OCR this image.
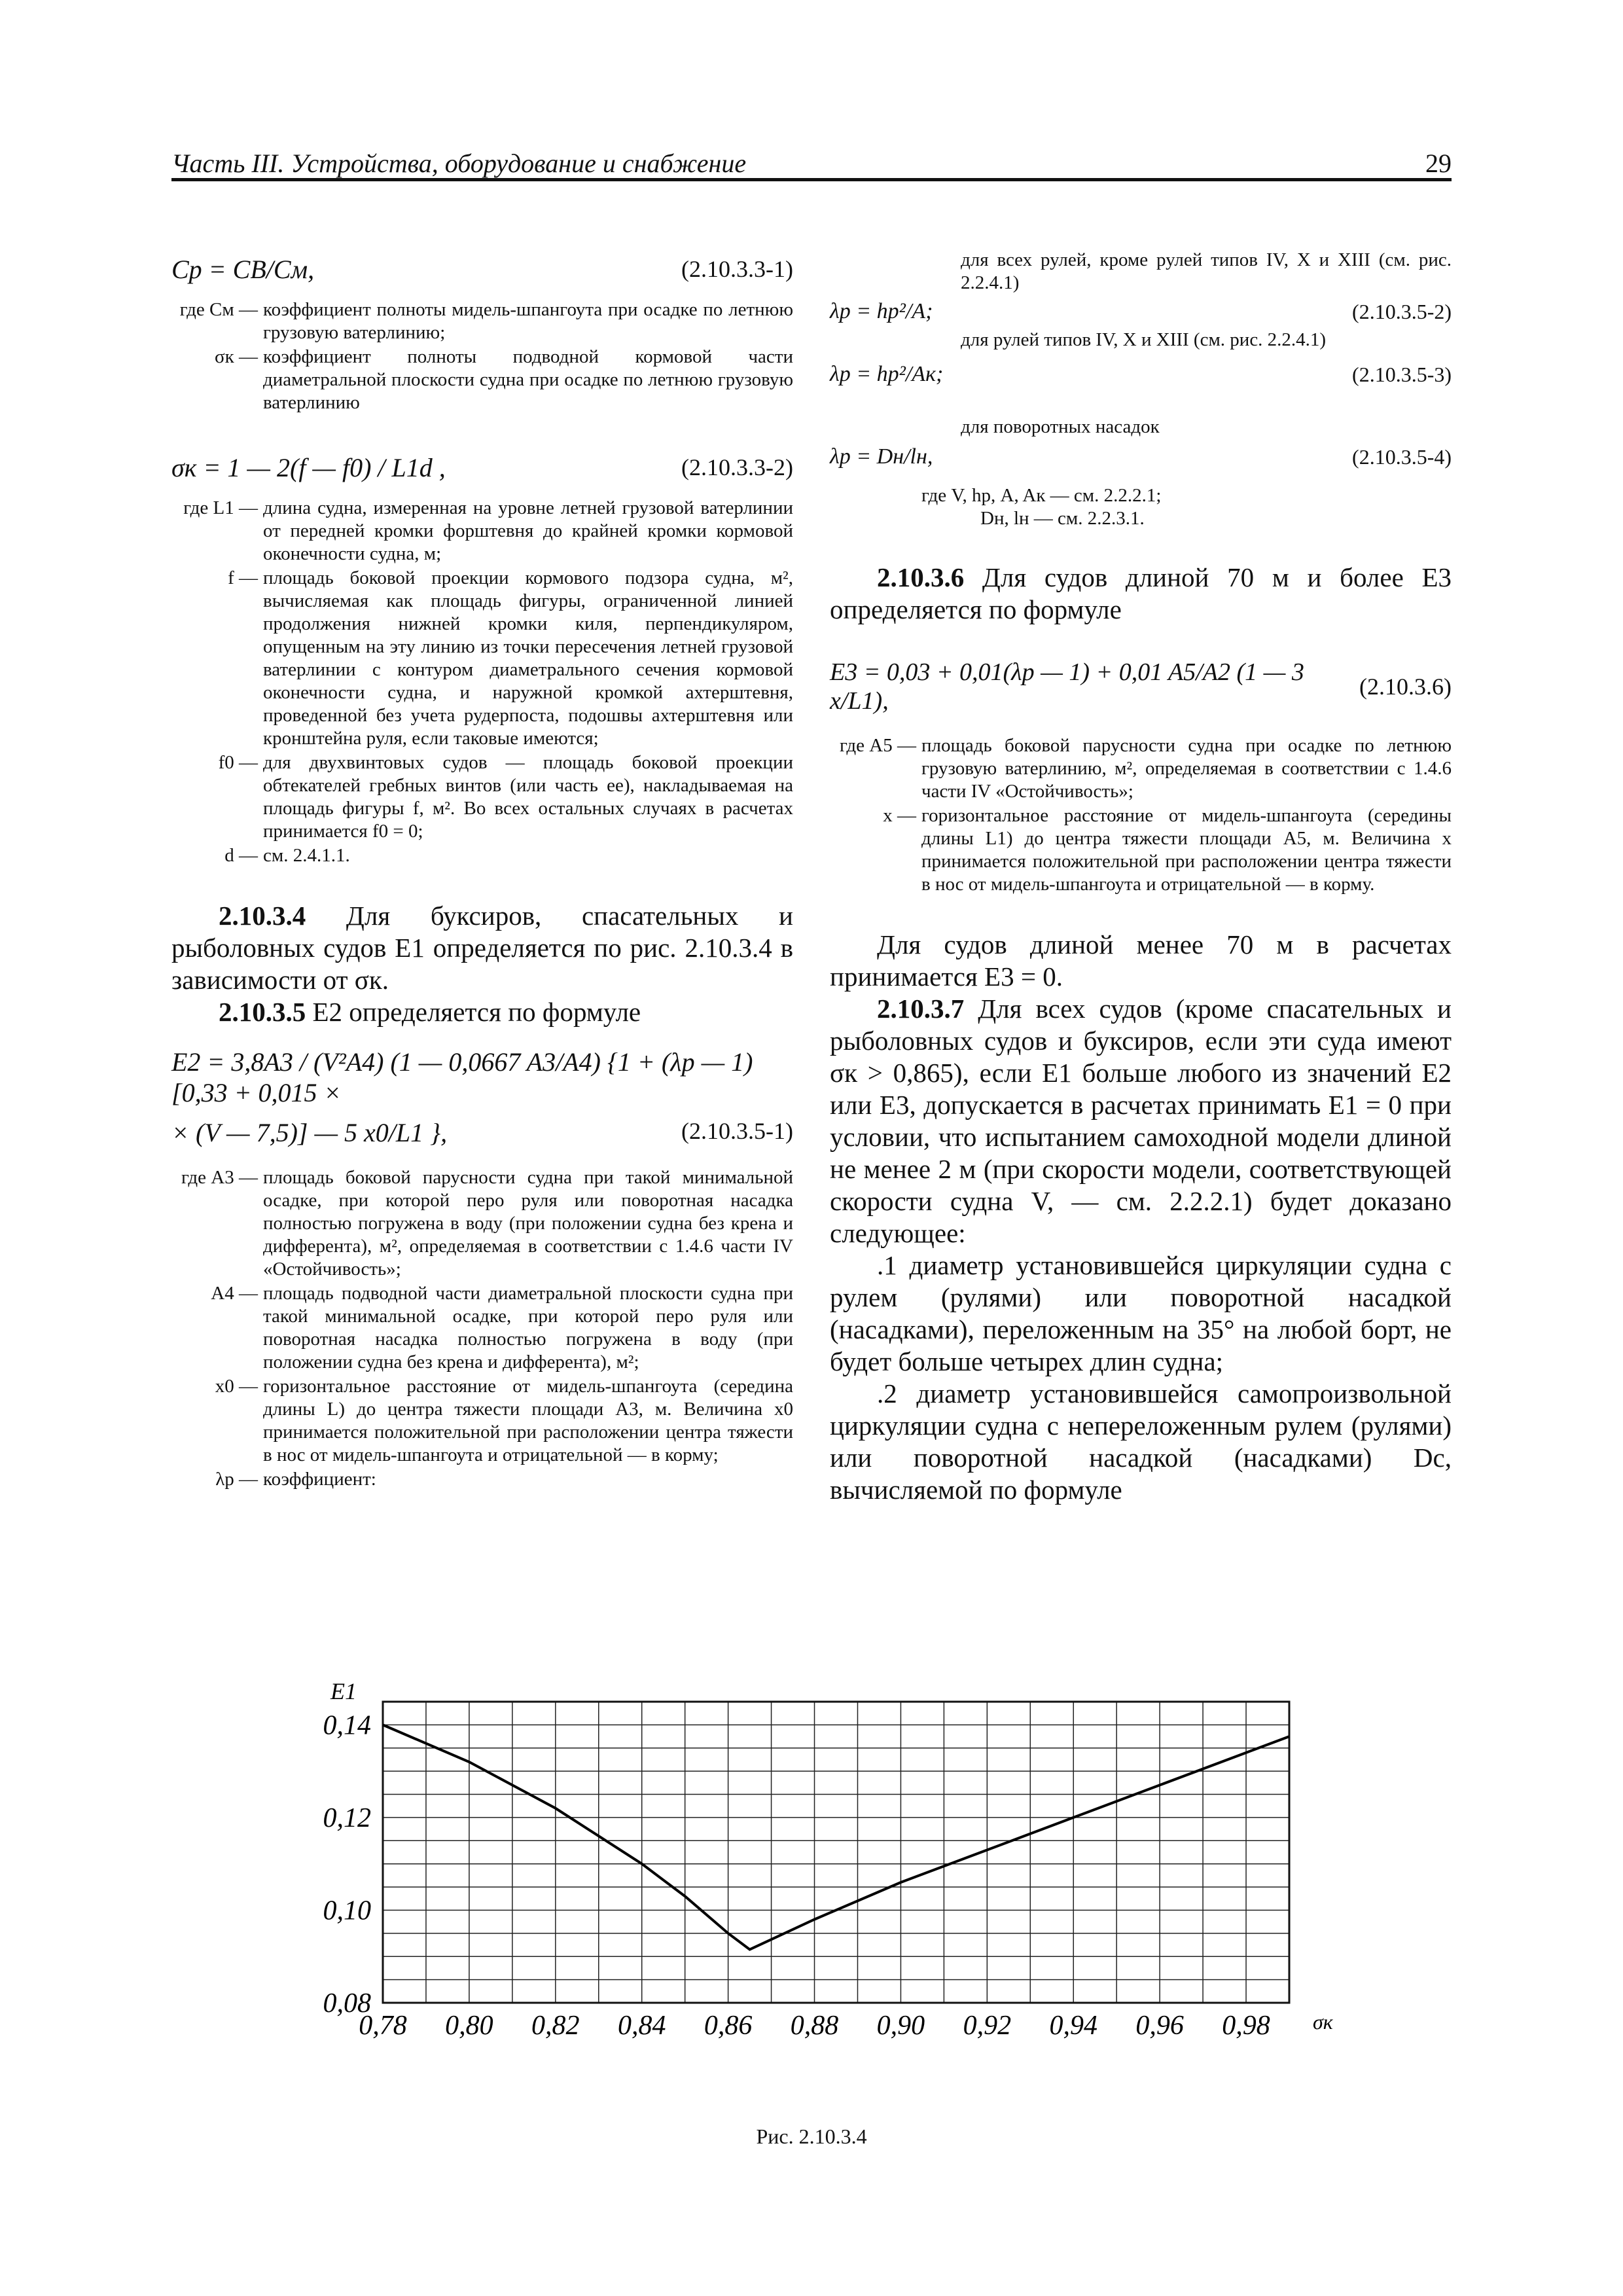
Часть III. Устройства, оборудование и снабжение	29
Cp = CB/Cм,	(2.10.3.3-1)
где Cм — коэффициент полноты мидель-шпангоута при осадке по летнюю грузовую ватерлинию;
σк — коэффициент полноты подводной кормовой части диаметральной плоскости судна при осадке по летнюю грузовую ватерлинию
σк = 1 — 2(f — f0) / L1d ,	(2.10.3.3-2)
где L1 — длина судна, измеренная на уровне летней грузовой ватерлинии от передней кромки форштевня до крайней кромки кормовой оконечности судна, м;
f — площадь боковой проекции кормового подзора судна, м², вычисляемая как площадь фигуры, ограниченной линией продолжения нижней кромки киля, перпендикуляром, опущенным на эту линию из точки пересечения летней грузовой ватерлинии с контуром диаметрального сечения кормовой оконечности судна, и наружной кромкой ахтерштевня, проведенной без учета рудерпоста, подошвы ахтерштевня или кронштейна руля, если таковые имеются;
f0 — для двухвинтовых судов — площадь боковой проекции обтекателей гребных винтов (или часть ее), накладываемая на площадь фигуры f, м². Во всех остальных случаях в расчетах принимается f0 = 0;
d — см. 2.4.1.1.
2.10.3.4 Для буксиров, спасательных и рыболовных судов E1 определяется по рис. 2.10.3.4 в зависимости от σк.
2.10.3.5 E2 определяется по формуле
E2 = 3,8A3 / (V²A4) (1 — 0,0667 A3/A4) {1 + (λр — 1)[0,33 + 0,015 ×
× (V — 7,5)] — 5 x0/L1 },	(2.10.3.5-1)
где A3 — площадь боковой парусности судна при такой минимальной осадке, при которой перо руля или поворотная насадка полностью погружена в воду (при положении судна без крена и дифферента), м², определяемая в соответствии с 1.4.6 части IV «Остойчивость»;
A4 — площадь подводной части диаметральной плоскости судна при такой минимальной осадке, при которой перо руля или поворотная насадка полностью погружена в воду (при положении судна без крена и дифферента), м²;
x0 — горизонтальное расстояние от мидель-шпангоута (середина длины L) до центра тяжести площади A3, м. Величина x0 принимается положительной при расположении центра тяжести в нос от мидель-шпангоута и отрицательной — в корму;
λр — коэффициент:
для всех рулей, кроме рулей типов IV, X и XIII (см. рис. 2.2.4.1)
λр = hр²/A;	(2.10.3.5-2)
для рулей типов IV, X и XIII (см. рис. 2.2.4.1)
λр = hр²/Aк;	(2.10.3.5-3)
для поворотных насадок
λр = Dн/lн,	(2.10.3.5-4)
где V, hр, A, Aк — см. 2.2.2.1;
Dн, lн — см. 2.2.3.1.
2.10.3.6 Для судов длиной 70 м и более E3 определяется по формуле
E3 = 0,03 + 0,01(λр — 1) + 0,01 A5/A2 (1 — 3 x/L1),
(2.10.3.6)
где A5 — площадь боковой парусности судна при осадке по летнюю грузовую ватерлинию, м², определяемая в соответствии с 1.4.6 части IV «Остойчивость»;
x — горизонтальное расстояние от мидель-шпангоута (середины длины L1) до центра тяжести площади A5, м. Величина x принимается положительной при расположении центра тяжести в нос от мидель-шпангоута и отрицательной — в корму.
Для судов длиной менее 70 м в расчетах принимается E3 = 0.
2.10.3.7 Для всех судов (кроме спасательных и рыболовных судов и буксиров, если эти суда имеют σк > 0,865), если E1 больше любого из значений E2 или E3, допускается в расчетах принимать E1 = 0 при условии, что испытанием самоходной модели длиной не менее 2 м (при скорости модели, соответствующей скорости судна V, — см. 2.2.2.1) будет доказано следующее:
.1 диаметр установившейся циркуляции судна с рулем (рулями) или поворотной насадкой (насадками), переложенным на 35° на любой борт, не будет больше четырех длин судна;
.2 диаметр установившейся самопроизвольной циркуляции судна с непереложенным рулем (рулями) или поворотной насадкой (насадками) Dс, вычисляемой по формуле
0,78 0,80 0,82 0,84 0,86 0,88 0,90 0,92 0,94 0,96 0,98
0,08
0,10
0,12
0,14
E1
σк
Рис. 2.10.3.4
